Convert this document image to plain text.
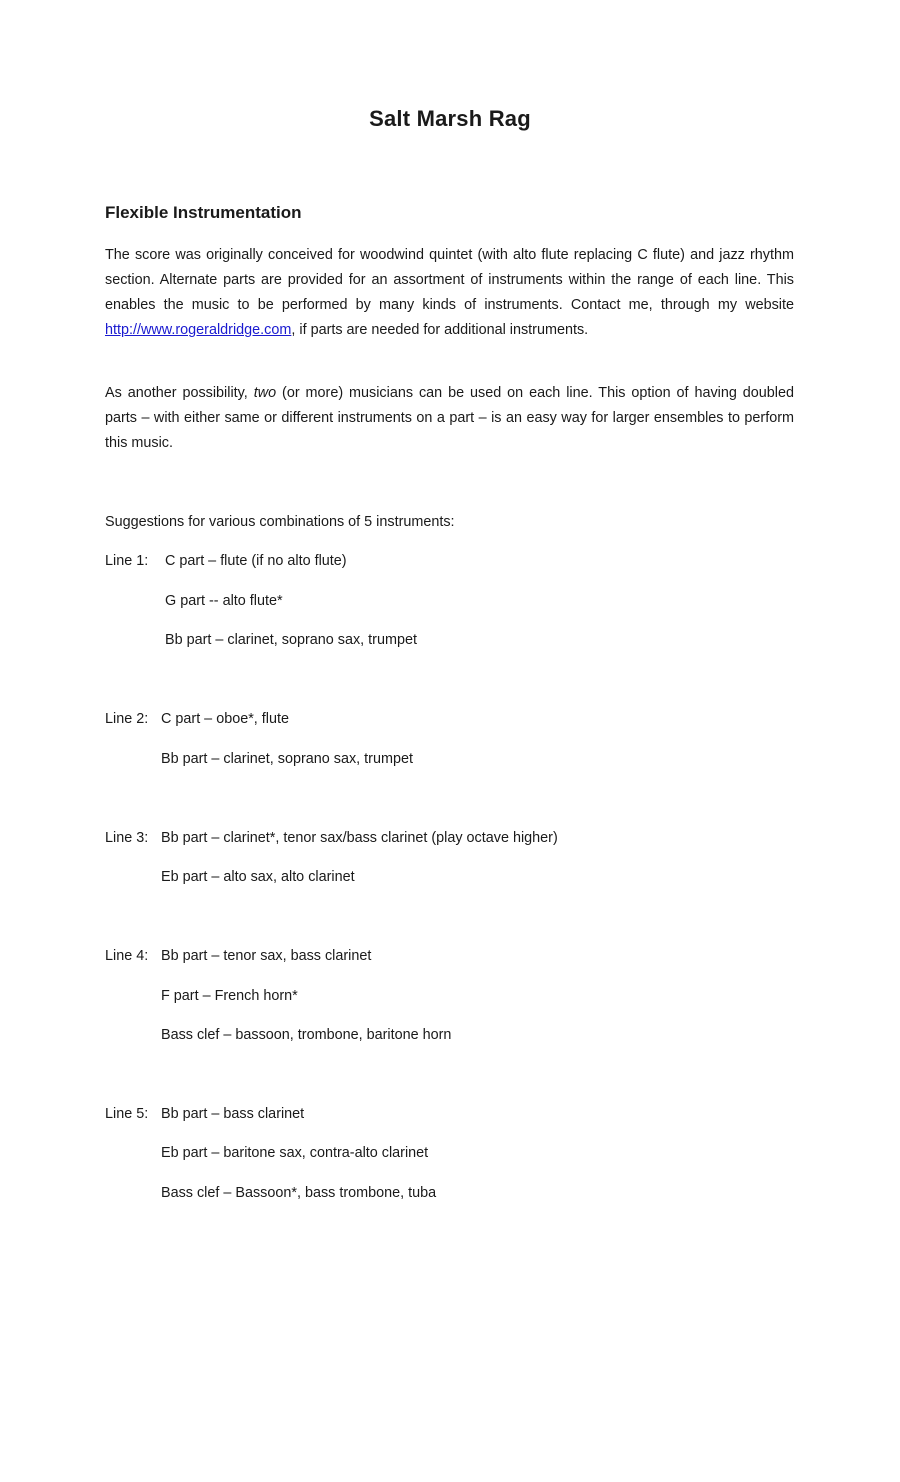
Salt Marsh Rag
Flexible Instrumentation

The score was originally conceived for woodwind quintet (with alto flute replacing C flute) and jazz rhythm section. Alternate parts are provided for an assortment of instruments within the range of each line. This enables the music to be performed by many kinds of instruments. Contact me, through my website http://www.rogeraldridge.com, if parts are needed for additional instruments.

As another possibility, two (or more) musicians can be used on each line. This option of having doubled parts – with either same or different instruments on a part – is an easy way for larger ensembles to perform this music.

Suggestions for various combinations of 5 instruments:
Line 1: C part – flute (if no alto flute)
G part -- alto flute*
Bb part – clarinet, soprano sax, trumpet
Line 2: C part – oboe*, flute
Bb part – clarinet, soprano sax, trumpet
Line 3: Bb part – clarinet*, tenor sax/bass clarinet (play octave higher)
Eb part – alto sax, alto clarinet
Line 4: Bb part – tenor sax, bass clarinet
F part – French horn*
Bass clef – bassoon, trombone, baritone horn
Line 5: Bb part – bass clarinet
Eb part – baritone sax, contra-alto clarinet
Bass clef – Bassoon*, bass trombone, tuba
